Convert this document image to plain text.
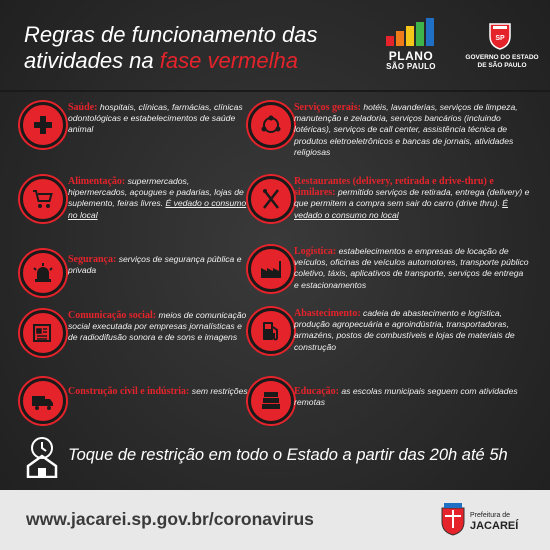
Regras de funcionamento das
atividades na fase vermelha	PLANO
SÃO PAULO
SP
GOVERNO DO ESTADO
DE SÃO PAULO
Saúde: hospitais, clínicas, farmácias, clínicas odontológicas e estabelecimentos de saúde animal
Alimentação: supermercados, hipermercados, açougues e padarias, lojas de suplemento, feiras livres. É vedado o consumo no local
Segurança: serviços de segurança pública e privada
Comunicação social: meios de comunicação social executada por empresas jornalísticas e de radiodifusão sonora e de sons e imagens
Construção civil e indústria: sem restrições
Serviços gerais: hotéis, lavanderias, serviços de limpeza, manutenção e zeladoria, serviços bancários (incluindo lotéricas), serviços de call center, assistência técnica de produtos eletroeletrônicos e bancas de jornais, atividades religiosas
Restaurantes (delivery, retirada e drive-thru) e similares: permitido serviços de retirada, entrega (delivery) e que permitem a compra sem sair do carro (drive thru). É vedado o consumo no local
Logística: estabelecimentos e empresas de locação de veículos, oficinas de veículos automotores, transporte público coletivo, táxis, aplicativos de transporte, serviços de entrega e estacionamentos
Abastecimento: cadeia de abastecimento e logística, produção agropecuária e agroindústria, transportadoras, armazéns, postos de combustíveis e lojas de materiais de construção
Educação: as escolas municipais seguem com atividades remotas
Toque de restrição em todo o Estado a partir das 20h até 5h
www.jacarei.sp.gov.br/coronavirus	Prefeitura de
JACAREÍ
